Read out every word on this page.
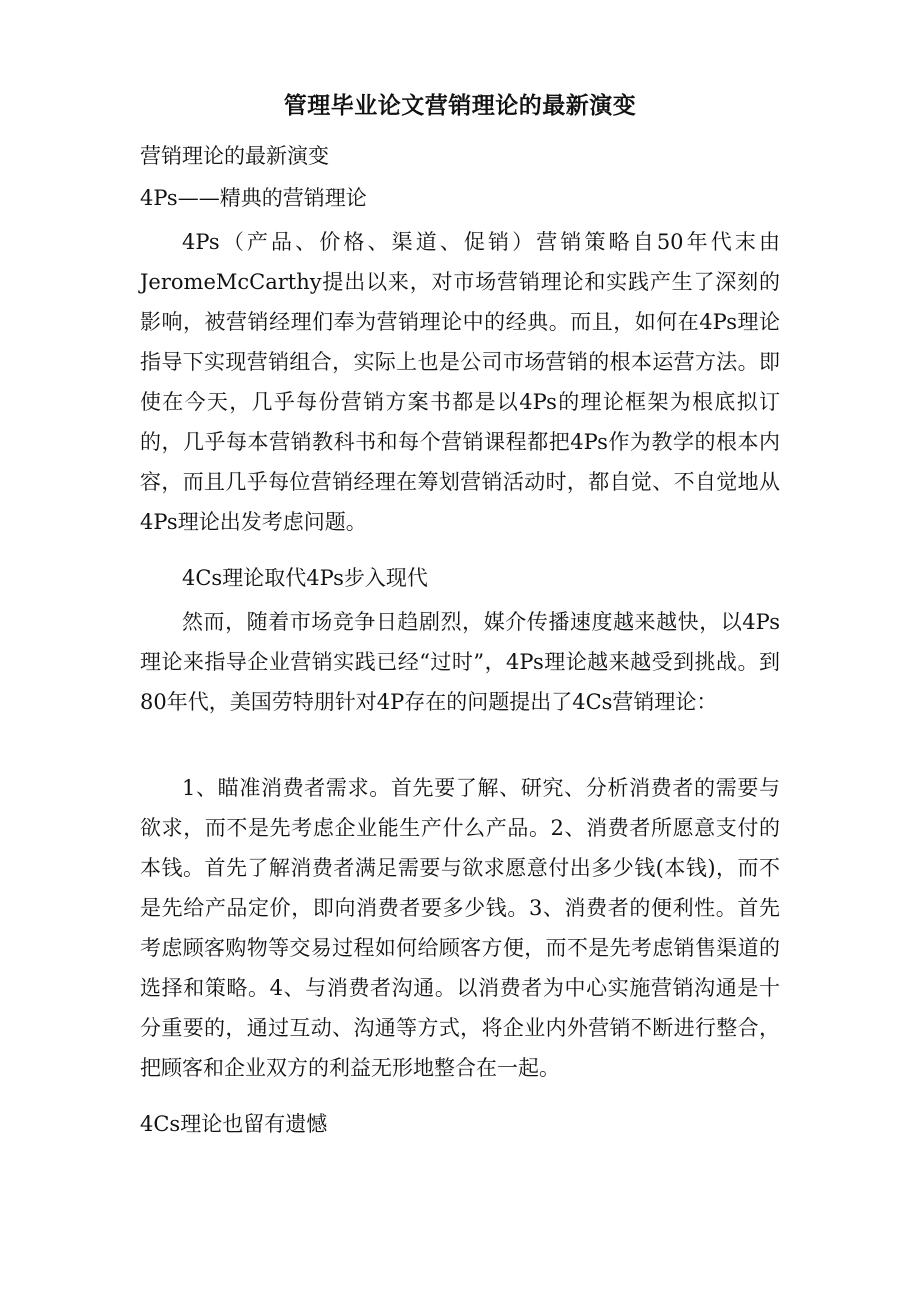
管理毕业论文营销理论的最新演变
营销理论的最新演变
4Ps——精典的营销理论

4Ps（产品、价格、渠道、促销）营销策略自50年代末由JeromeMcCarthy提出以来，对市场营销理论和实践产生了深刻的影响，被营销经理们奉为营销理论中的经典。而且，如何在4Ps理论指导下实现营销组合，实际上也是公司市场营销的根本运营方法。即使在今天，几乎每份营销方案书都是以4Ps的理论框架为根底拟订的，几乎每本营销教科书和每个营销课程都把4Ps作为教学的根本内容，而且几乎每位营销经理在筹划营销活动时，都自觉、不自觉地从4Ps理论出发考虑问题。

4Cs理论取代4Ps步入现代

然而，随着市场竞争日趋剧烈，媒介传播速度越来越快，以4Ps理论来指导企业营销实践已经“过时”，4Ps理论越来越受到挑战。到80年代，美国劳特朋针对4P存在的问题提出了4Cs营销理论：

1、瞄准消费者需求。首先要了解、研究、分析消费者的需要与欲求，而不是先考虑企业能生产什么产品。2、消费者所愿意支付的本钱。首先了解消费者满足需要与欲求愿意付出多少钱(本钱)，而不是先给产品定价，即向消费者要多少钱。3、消费者的便利性。首先考虑顾客购物等交易过程如何给顾客方便，而不是先考虑销售渠道的选择和策略。4、与消费者沟通。以消费者为中心实施营销沟通是十分重要的，通过互动、沟通等方式，将企业内外营销不断进行整合，把顾客和企业双方的利益无形地整合在一起。

4Cs理论也留有遗憾
